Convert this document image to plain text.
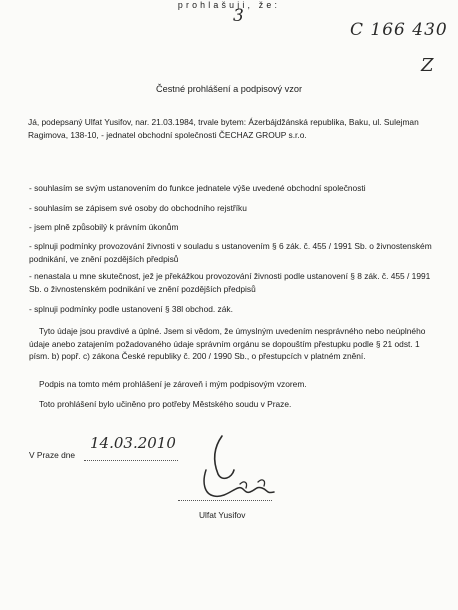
3
C 166 430
Z
Čestné prohlášení a podpisový vzor
Já, podepsaný Ulfat Yusifov, nar. 21.03.1984, trvale bytem: Ázerbájdžánská republika, Baku, ul. Sulejman Ragimova, 138-10, - jednatel obchodní společnosti ČECHAZ GROUP s.r.o.
prohlašuji, že:
- souhlasím se svým ustanovením do funkce jednatele výše uvedené obchodní společnosti
- souhlasím se zápisem své osoby do obchodního rejstříku
- jsem plně způsobilý k právním úkonům
- splnuji podmínky provozování živnosti v souladu s ustanovením § 6 zák. č. 455 / 1991 Sb. o živnostenském podnikání, ve znění pozdějších předpisů
- nenastala u mne skutečnost, jež je překážkou provozování živnosti podle ustanovení § 8 zák. č. 455 / 1991 Sb. o živnostenském podnikání ve znění pozdějších předpisů
- splnuji podmínky podle ustanovení § 38l obchod. zák.
Tyto údaje jsou pravdivé a úplné. Jsem si vědom, že úmyslným uvedením nesprávného nebo neúplného údaje anebo zatajením požadovaného údaje správním orgánu se dopouštím přestupku podle § 21 odst. 1 písm. b) popř. c) zákona České republiky č. 200 / 1990 Sb., o přestupcích v platném znění.
Podpis na tomto mém prohlášení je zároveň i mým podpisovým vzorem.
Toto prohlášení bylo učiněno pro potřeby Městského soudu v Praze.
V Praze dne
14.03.2010
Ulfat Yusifov
